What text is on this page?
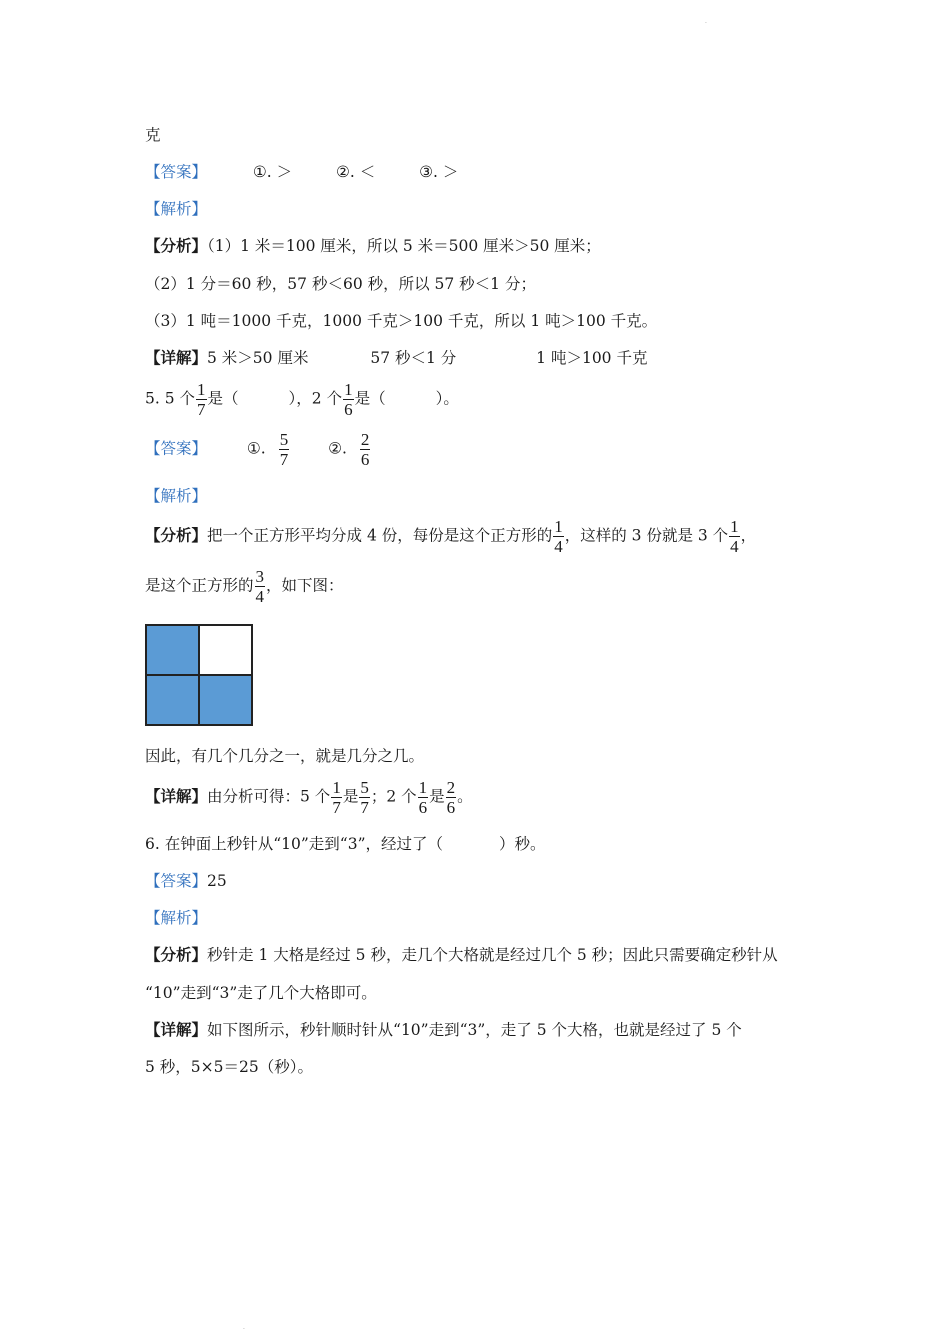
·
克
【答案】	①. ＞	②. ＜	③. ＞
【解析】
【分析】（1）1 米＝100 厘米，所以 5 米＝500 厘米＞50 厘米；
（2）1 分＝60 秒，57 秒＜60 秒，所以 57 秒＜1 分；
（3）1 吨＝1000 千克，1000 千克＞100 千克，所以 1 吨＞100 千克。
【详解】5 米＞50 厘米	57 秒＜1 分	1 吨＞100 千克
5. 5 个 $\frac{1}{7}$ 是（	），2 个 $\frac{1}{6}$ 是（	）。
【答案】	①. $\frac{5}{7}$	②. $\frac{2}{6}$
【解析】
【分析】把一个正方形平均分成 4 份，每份是这个正方形的 $\frac{1}{4}$ ，这样的 3 份就是 3 个 $\frac{1}{4}$ ，
是这个正方形的 $\frac{3}{4}$ ，如下图：
因此，有几个几分之一，就是几分之几。
【详解】由分析可得：5 个 $\frac{1}{7}$ 是 $\frac{5}{7}$ ；2 个 $\frac{1}{6}$ 是 $\frac{2}{6}$ 。
6. 在钟面上秒针从“10”走到“3”，经过了（	）秒。
【答案】25
【解析】
【分析】秒针走 1 大格是经过 5 秒，走几个大格就是经过几个 5 秒；因此只需要确定秒针从
“10”走到“3”走了几个大格即可。
【详解】如下图所示，秒针顺时针从“10”走到“3”，走了 5 个大格，也就是经过了 5 个
5 秒，5×5＝25（秒）。
·
